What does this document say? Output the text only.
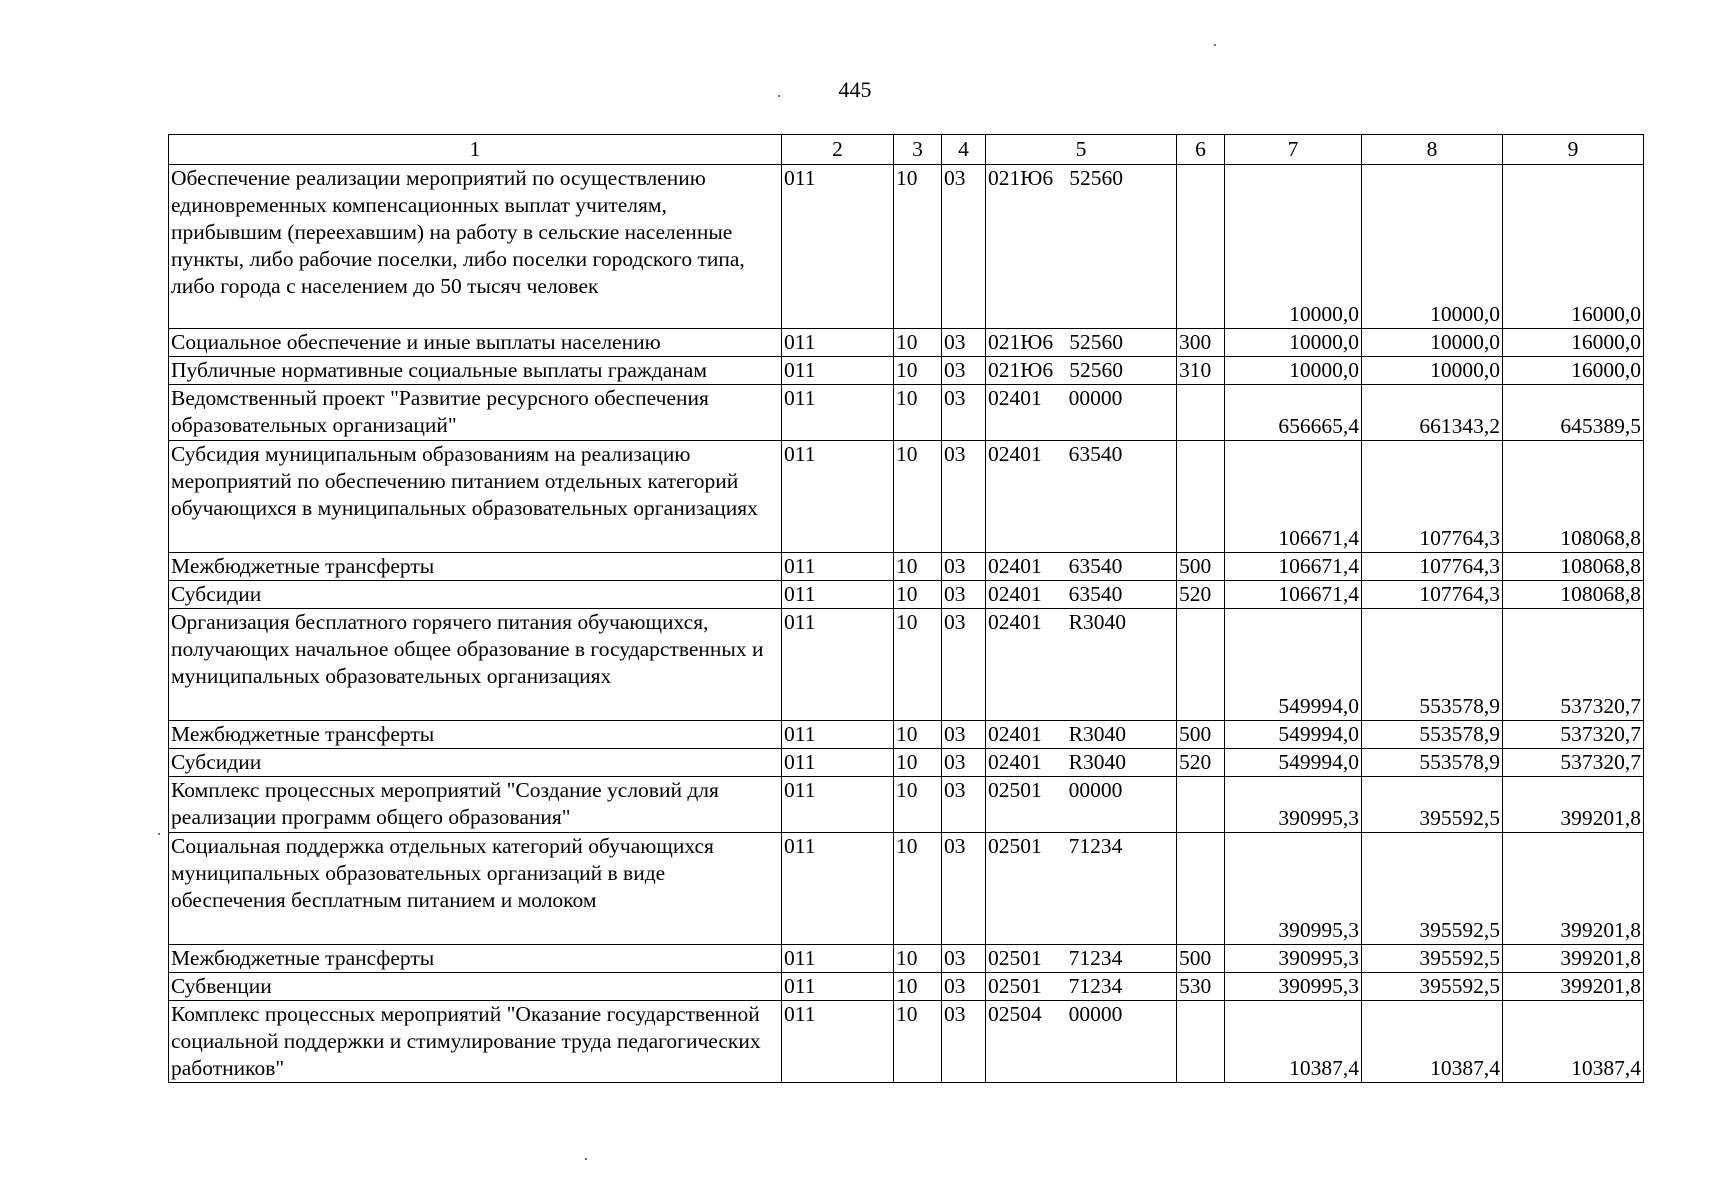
445
1	2	3	4	5	6	7	8	9
Обеспечение реализации мероприятий по осуществлению единовременных компенсационных выплат учителям, прибывшим (переехавшим) на работу в сельские населенные пункты, либо рабочие поселки, либо поселки городского типа, либо города с населением до 50 тысяч человек	011	10	03	021Ю6   52560		10000,0	10000,0	16000,0
Социальное обеспечение и иные выплаты населению	011	10	03	021Ю6   52560	300	10000,0	10000,0	16000,0
Публичные нормативные социальные выплаты гражданам	011	10	03	021Ю6   52560	310	10000,0	10000,0	16000,0
Ведомственный проект "Развитие ресурсного обеспечения образовательных организаций"	011	10	03	02401     00000		656665,4	661343,2	645389,5
Субсидия муниципальным образованиям на реализацию мероприятий по обеспечению питанием отдельных категорий обучающихся в муниципальных образовательных организациях	011	10	03	02401     63540		106671,4	107764,3	108068,8
Межбюджетные трансферты	011	10	03	02401     63540	500	106671,4	107764,3	108068,8
Субсидии	011	10	03	02401     63540	520	106671,4	107764,3	108068,8
Организация бесплатного горячего питания обучающихся, получающих начальное общее образование в государственных и муниципальных образовательных организациях	011	10	03	02401     R3040		549994,0	553578,9	537320,7
Межбюджетные трансферты	011	10	03	02401     R3040	500	549994,0	553578,9	537320,7
Субсидии	011	10	03	02401     R3040	520	549994,0	553578,9	537320,7
Комплекс процессных мероприятий "Создание условий для реализации программ общего образования"	011	10	03	02501     00000		390995,3	395592,5	399201,8
Социальная поддержка отдельных категорий обучающихся муниципальных образовательных организаций в виде обеспечения бесплатным питанием и молоком	011	10	03	02501     71234		390995,3	395592,5	399201,8
Межбюджетные трансферты	011	10	03	02501     71234	500	390995,3	395592,5	399201,8
Субвенции	011	10	03	02501     71234	530	390995,3	395592,5	399201,8
Комплекс процессных мероприятий "Оказание государственной социальной поддержки и стимулирование труда педагогических работников"	011	10	03	02504     00000		10387,4	10387,4	10387,4
